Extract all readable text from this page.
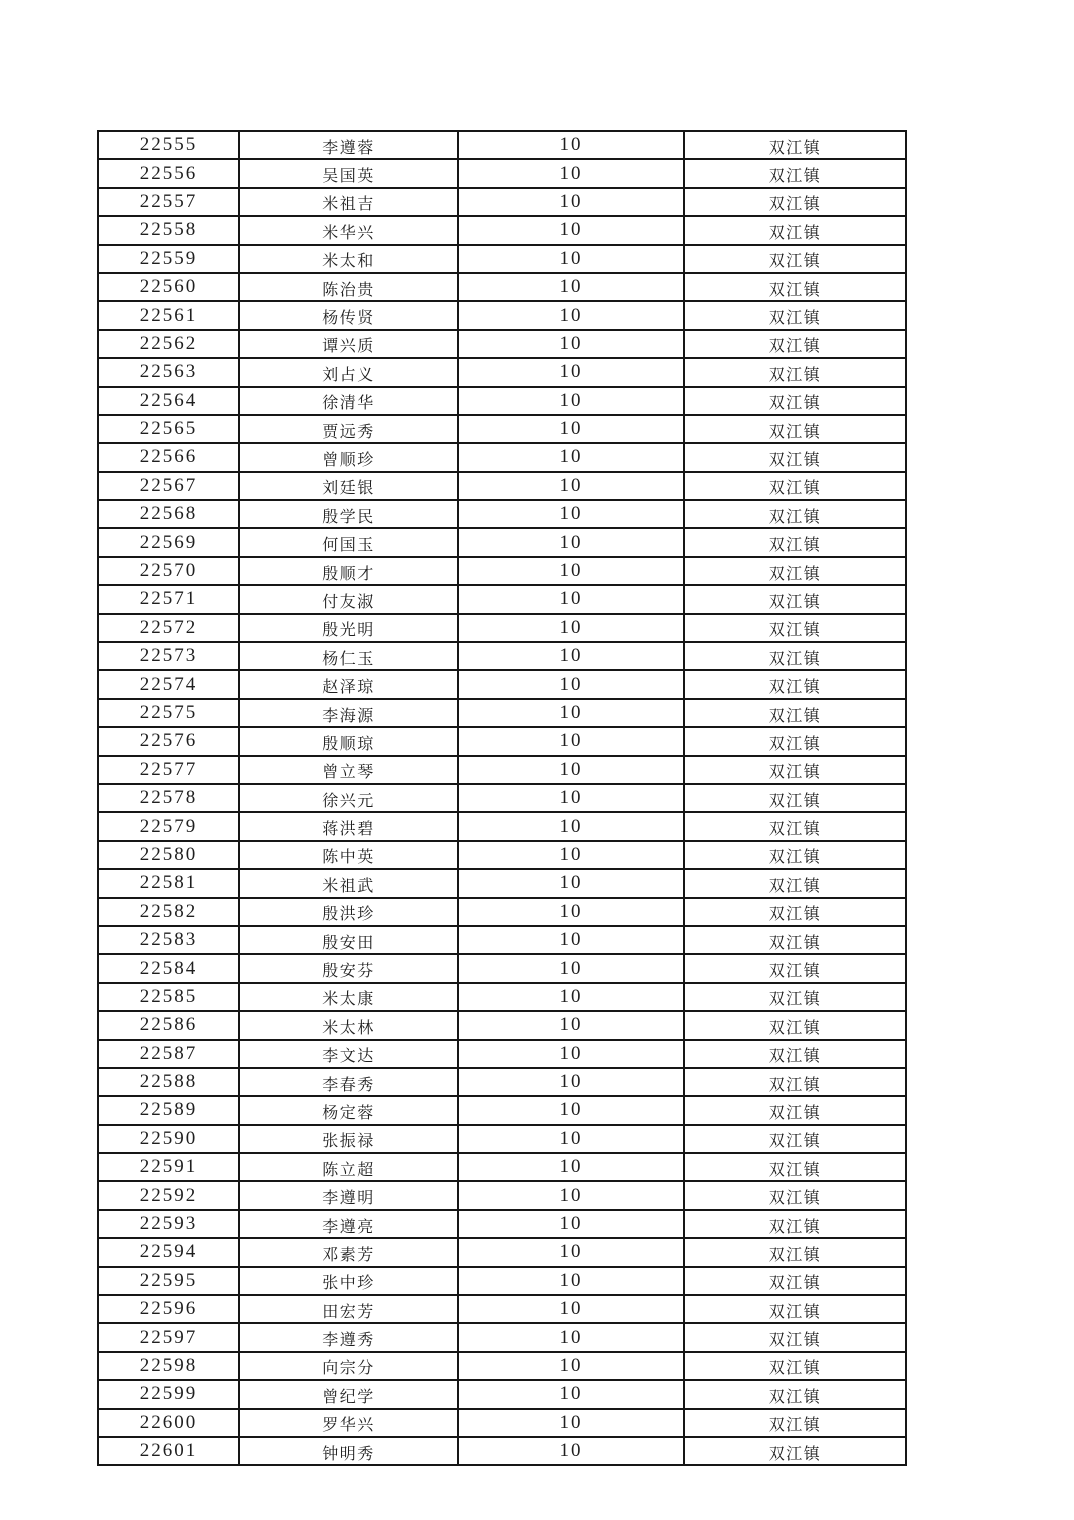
22555	李遵蓉	10	双江镇
22556	吴国英	10	双江镇
22557	米祖吉	10	双江镇
22558	米华兴	10	双江镇
22559	米太和	10	双江镇
22560	陈治贵	10	双江镇
22561	杨传贤	10	双江镇
22562	谭兴质	10	双江镇
22563	刘占义	10	双江镇
22564	徐清华	10	双江镇
22565	贾远秀	10	双江镇
22566	曾顺珍	10	双江镇
22567	刘廷银	10	双江镇
22568	殷学民	10	双江镇
22569	何国玉	10	双江镇
22570	殷顺才	10	双江镇
22571	付友淑	10	双江镇
22572	殷光明	10	双江镇
22573	杨仁玉	10	双江镇
22574	赵泽琼	10	双江镇
22575	李海源	10	双江镇
22576	殷顺琼	10	双江镇
22577	曾立琴	10	双江镇
22578	徐兴元	10	双江镇
22579	蒋洪碧	10	双江镇
22580	陈中英	10	双江镇
22581	米祖武	10	双江镇
22582	殷洪珍	10	双江镇
22583	殷安田	10	双江镇
22584	殷安芬	10	双江镇
22585	米太康	10	双江镇
22586	米太林	10	双江镇
22587	李文达	10	双江镇
22588	李春秀	10	双江镇
22589	杨定蓉	10	双江镇
22590	张振禄	10	双江镇
22591	陈立超	10	双江镇
22592	李遵明	10	双江镇
22593	李遵亮	10	双江镇
22594	邓素芳	10	双江镇
22595	张中珍	10	双江镇
22596	田宏芳	10	双江镇
22597	李遵秀	10	双江镇
22598	向宗分	10	双江镇
22599	曾纪学	10	双江镇
22600	罗华兴	10	双江镇
22601	钟明秀	10	双江镇
